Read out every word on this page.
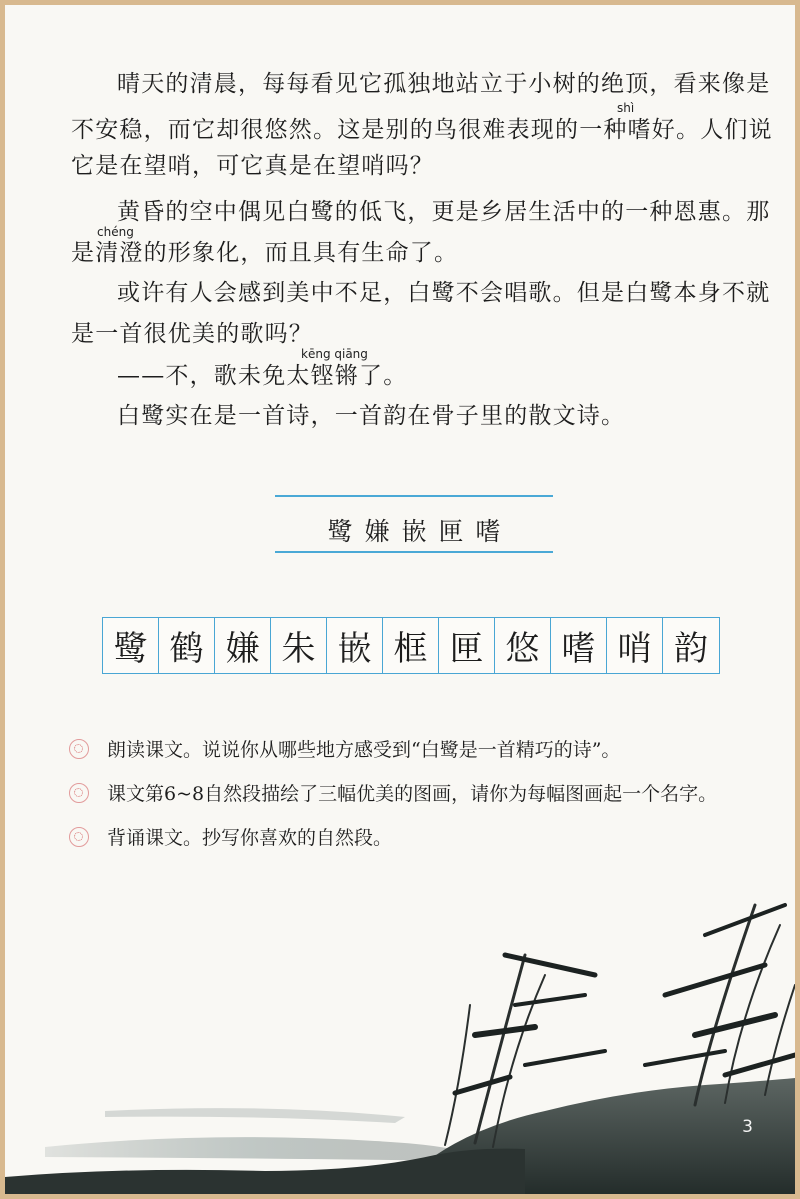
晴天的清晨，每每看见它孤独地站立于小树的绝顶，看来像是

shì

不安稳，而它却很悠然。这是别的鸟很难表现的一种嗜好。人们说

它是在望哨，可它真是在望哨吗？

黄昏的空中偶见白鹭的低飞，更是乡居生活中的一种恩惠。那

chéng

是清澄的形象化，而且具有生命了。

或许有人会感到美中不足，白鹭不会唱歌。但是白鹭本身不就

是一首很优美的歌吗？

kēng qiāng

——不，歌未免太铿锵了。

白鹭实在是一首诗，一首韵在骨子里的散文诗。

鹭嫌嵌匣嗜
鹭 鹤 嫌 朱 嵌 框 匣 悠 嗜 哨 韵
朗读课文。说说你从哪些地方感受到“白鹭是一首精巧的诗”。
课文第6~8自然段描绘了三幅优美的图画，请你为每幅图画起一个名字。
背诵课文。抄写你喜欢的自然段。
3
